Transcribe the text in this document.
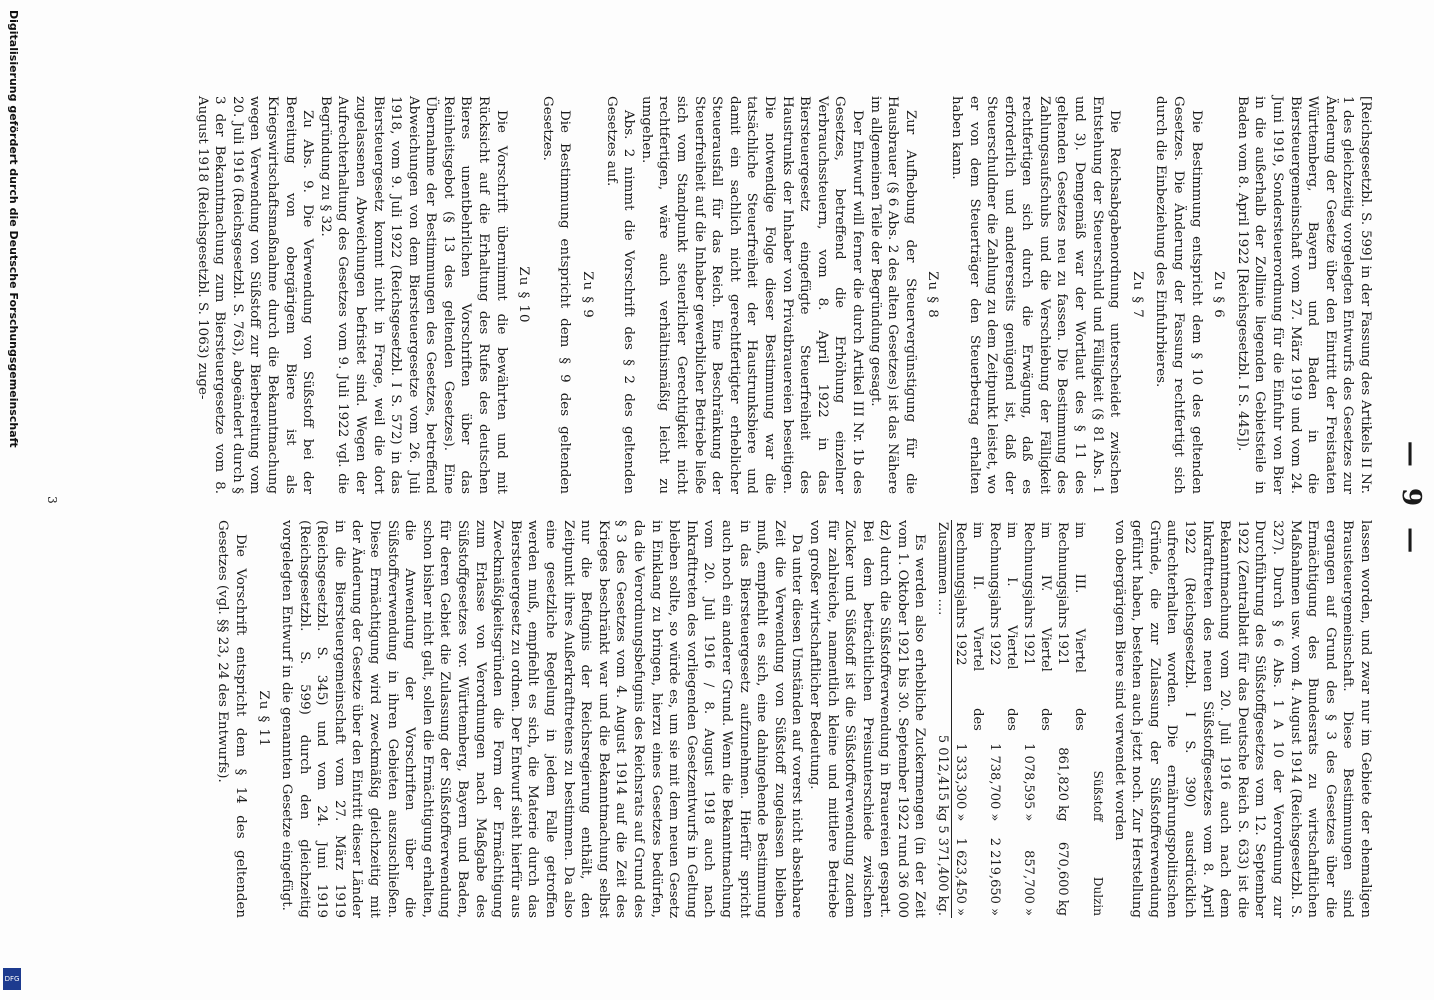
— 9 —

[Reichsgesetzbl. S. 599] in der Fassung des Artikels II Nr. 1 des gleichzeitig vorgelegten Entwurfs des Gesetzes zur Änderung der Gesetze über den Eintritt der Freistaaten Württemberg, Bayern und Baden in die Biersteuergemeinschaft vom 27. März 1919 und vom 24. Juni 1919, Sondersteuerordnung für die Einfuhr von Bier in die außerhalb der Zollinie liegenden Gebietsteile in Baden vom 8. April 1922 [Reichsgesetzbl. I S. 445]).

Zu § 6

Die Bestimmung entspricht dem § 10 des geltenden Gesetzes. Die Änderung der Fassung rechtfertigt sich durch die Einbeziehung des Einfuhrbieres.

Zu § 7

Die Reichsabgabenordnung unterscheidet zwischen Entstehung der Steuerschuld und Fälligkeit (§ 81 Abs. 1 und 3). Demgemäß war der Wortlaut des § 11 des geltenden Gesetzes neu zu fassen. Die Bestimmung des Zahlungsaufschubs und die Verschiebung der Fälligkeit rechtfertigen sich durch die Erwägung, daß es erforderlich und andererseits genügend ist, daß der Steuerschuldner die Zahlung zu dem Zeitpunkt leistet, wo er von dem Steuerträger den Steuerbetrag erhalten haben kann.

Zu § 8

Zur Aufhebung der Steuervergünstigung für die Hausbrauer (§ 6 Abs. 2 des alten Gesetzes) ist das Nähere im allgemeinen Teile der Begründung gesagt.

Der Entwurf will ferner die durch Artikel III Nr. 1b des Gesetzes, betreffend die Erhöhung einzelner Verbrauchssteuern, vom 8. April 1922 in das Biersteuergesetz eingefügte Steuerfreiheit des Haustrunks der Inhaber von Privatbrauereien beseitigen. Die notwendige Folge dieser Bestimmung war die tatsächliche Steuerfreiheit der Haustrunksbiere und damit ein sachlich nicht gerechtfertigter erheblicher Steuerausfall für das Reich. Eine Beschränkung der Steuerfreiheit auf die Inhaber gewerblicher Betriebe ließe sich vom Standpunkt steuerlicher Gerechtigkeit nicht rechtfertigen, wäre auch verhältnismäßig leicht zu umgehen.

Abs. 2 nimmt die Vorschrift des § 2 des geltenden Gesetzes auf.

Zu § 9

Die Bestimmung entspricht dem § 9 des geltenden Gesetzes.

Zu § 10

Die Vorschrift übernimmt die bewährten und mit Rücksicht auf die Erhaltung des Rufes des deutschen Bieres unentbehrlichen Vorschriften über das Reinheitsgebot (§ 13 des geltenden Gesetzes). Eine Übernahme der Bestimmungen des Gesetzes, betreffend Abweichungen von dem Biersteuergesetze vom 26. Juli 1918, vom 9. Juli 1922 (Reichsgesetzbl. I S. 572) in das Biersteuergesetz kommt nicht in Frage, weil die dort zugelassenen Abweichungen befristet sind. Wegen der Aufrechterhaltung des Gesetzes vom 9. Juli 1922 vgl. die Begründung zu § 32.

Zu Abs. 9. Die Verwendung von Süßstoff bei der Bereitung von obergärigem Biere ist als Kriegswirtschaftsmaßnahme durch die Bekanntmachung wegen Verwendung von Süßstoff zur Bierbereitung vom 20. Juli 1916 (Reichsgesetzbl. S. 763), abgeändert durch § 3 der Bekanntmachung zum Biersteuergesetze vom 8. August 1918 (Reichsgesetzbl. S. 1063) zuge-

lassen worden, und zwar nur im Gebiete der ehemaligen Brausteuergemeinschaft. Diese Bestimmungen sind ergangen auf Grund des § 3 des Gesetzes über die Ermächtigung des Bundesrats zu wirtschaftlichen Maßnahmen usw. vom 4. August 1914 (Reichsgesetzbl. S. 327). Durch § 6 Abs. 1 A 10 der Verordnung zur Durchführung des Süßstoffgesetzes vom 12. September 1922 (Zentralblatt für das Deutsche Reich S. 633) ist die Bekanntmachung vom 20. Juli 1916 auch nach dem Inkrafttreten des neuen Süßstoffgesetzes vom 8. April 1922 (Reichsgesetzbl. I S. 390) ausdrücklich aufrechterhalten worden. Die ernährungspolitischen Gründe, die zur Zulassung der Süßstoffverwendung geführt haben, bestehen auch jetzt noch. Zur Herstellung von obergärigem Biere sind verwendet worden

	Süßstoff	Dulzin
im III. Viertel des Rechnungsjahrs 1921	861,820 kg	670,600 kg
im IV. Viertel des Rechnungsjahrs 1921	1 078,595 »	857,700 »
im I. Viertel des Rechnungsjahrs 1922	1 738,700 »	2 219,650 »
im II. Viertel des Rechnungsjahrs 1922	1 333,300 »	1 623,450 »
Zusammen ....	5 012,415 kg	5 371,400 kg.

Es werden also erhebliche Zuckermengen (in der Zeit vom 1. Oktober 1921 bis 30. September 1922 rund 36 000 dz) durch die Süßstoffverwendung in Brauereien gespart. Bei dem beträchtlichen Preisunterschiede zwischen Zucker und Süßstoff ist die Süßstoffverwendung zudem für zahlreiche, namentlich kleine und mittlere Betriebe von großer wirtschaftlicher Bedeutung.

Da unter diesen Umständen auf vorerst nicht absehbare Zeit die Verwendung von Süßstoff zugelassen bleiben muß, empfiehlt es sich, eine dahingehende Bestimmung in das Biersteuergesetz aufzunehmen. Hierfür spricht auch noch ein anderer Grund. Wenn die Bekanntmachung vom 20. Juli 1916 / 8. August 1918 auch nach Inkrafttreten des vorliegenden Gesetzentwurfs in Geltung bleiben sollte, so würde es, um sie mit dem neuen Gesetz in Einklang zu bringen, hierzu eines Gesetzes bedürfen, da die Verordnungsbefugnis des Reichsrats auf Grund des § 3 des Gesetzes vom 4. August 1914 auf die Zeit des Krieges beschränkt war und die Bekanntmachung selbst nur die Befugnis der Reichsregierung enthält, den Zeitpunkt ihres Außerkrafttretens zu bestimmen. Da also eine gesetzliche Regelung in jedem Falle getroffen werden muß, empfiehlt es sich, die Materie durch das Biersteuergesetz zu ordnen. Der Entwurf sieht hierfür aus Zweckmäßigkeitsgründen die Form der Ermächtigung zum Erlasse von Verordnungen nach Maßgabe des Süßstoffgesetzes vor. Württemberg, Bayern und Baden, für deren Gebiet die Zulassung der Süßstoffverwendung schon bisher nicht galt, sollen die Ermächtigung erhalten, die Anwendung der Vorschriften über die Süßstoffverwendung in ihren Gebieten auszuschließen. Diese Ermächtigung wird zweckmäßig gleichzeitig mit der Änderung der Gesetze über den Eintritt dieser Länder in die Biersteuergemeinschaft vom 27. März 1919 (Reichsgesetzbl. S. 345) und vom 24. Juni 1919 (Reichsgesetzbl. S. 599) durch den gleichzeitig vorgelegten Entwurf in die genannten Gesetze eingefügt.

Zu § 11

Die Vorschrift entspricht dem § 14 des geltenden Gesetzes (vgl. §§ 23, 24 des Entwurfs).

3
Digitalisierung gefördert durch die Deutsche Forschungsgemeinschaft
DFG
